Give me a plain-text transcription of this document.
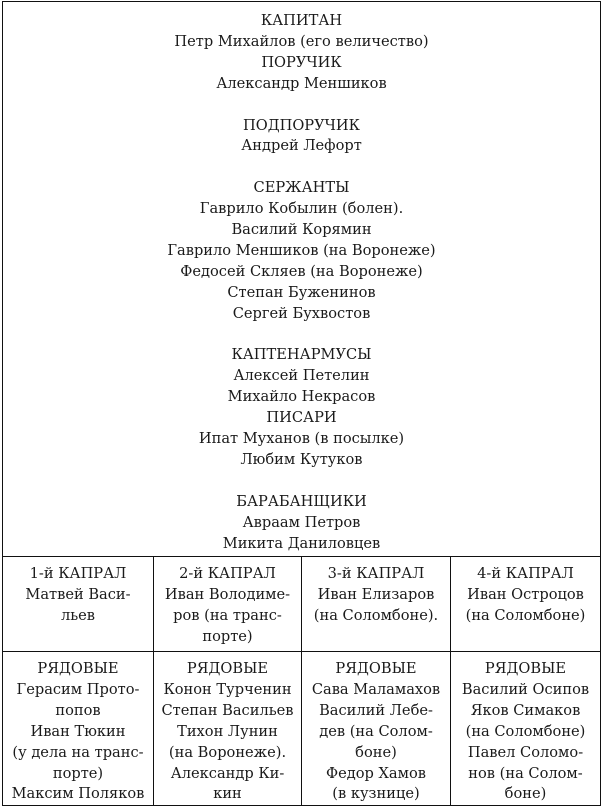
КАПИТАН
Петр Михайлов (его величество)
ПОРУЧИК
Александр Меншиков
ПОДПОРУЧИК
Андрей Лефорт
СЕРЖАНТЫ
Гаврило Кобылин (болен).
Василий Корямин
Гаврило Меншиков (на Воронеже)
Федосей Скляев (на Воронеже)
Степан Буженинов
Сергей Бухвостов
КАПТЕНАРМУСЫ
Алексей Петелин
Михайло Некрасов
ПИСАРИ
Ипат Муханов (в посылке)
Любим Кутуков
БАРАБАНЩИКИ
Авраам Петров
Микита Даниловцев
1-й КАПРАЛ
Матвей Васи-
льев
2-й КАПРАЛ
Иван Володиме-
ров (на транс-
порте)
3-й КАПРАЛ
Иван Елизаров
(на Соломбоне).
4-й КАПРАЛ
Иван Остроцов
(на Соломбоне)
РЯДОВЫЕ
Герасим Прото-
попов
Иван Тюкин
(у дела на транс-
порте)
Максим Поляков
РЯДОВЫЕ
Конон Турченин
Степан Васильев
Тихон Лунин
(на Воронеже).
Александр Ки-
кин
РЯДОВЫЕ
Сава Маламахов
Василий Лебе-
дев (на Солом-
боне)
Федор Хамов
(в кузнице)
РЯДОВЫЕ
Василий Осипов
Яков Симаков
(на Соломбоне)
Павел Соломо-
нов (на Солом-
боне)
